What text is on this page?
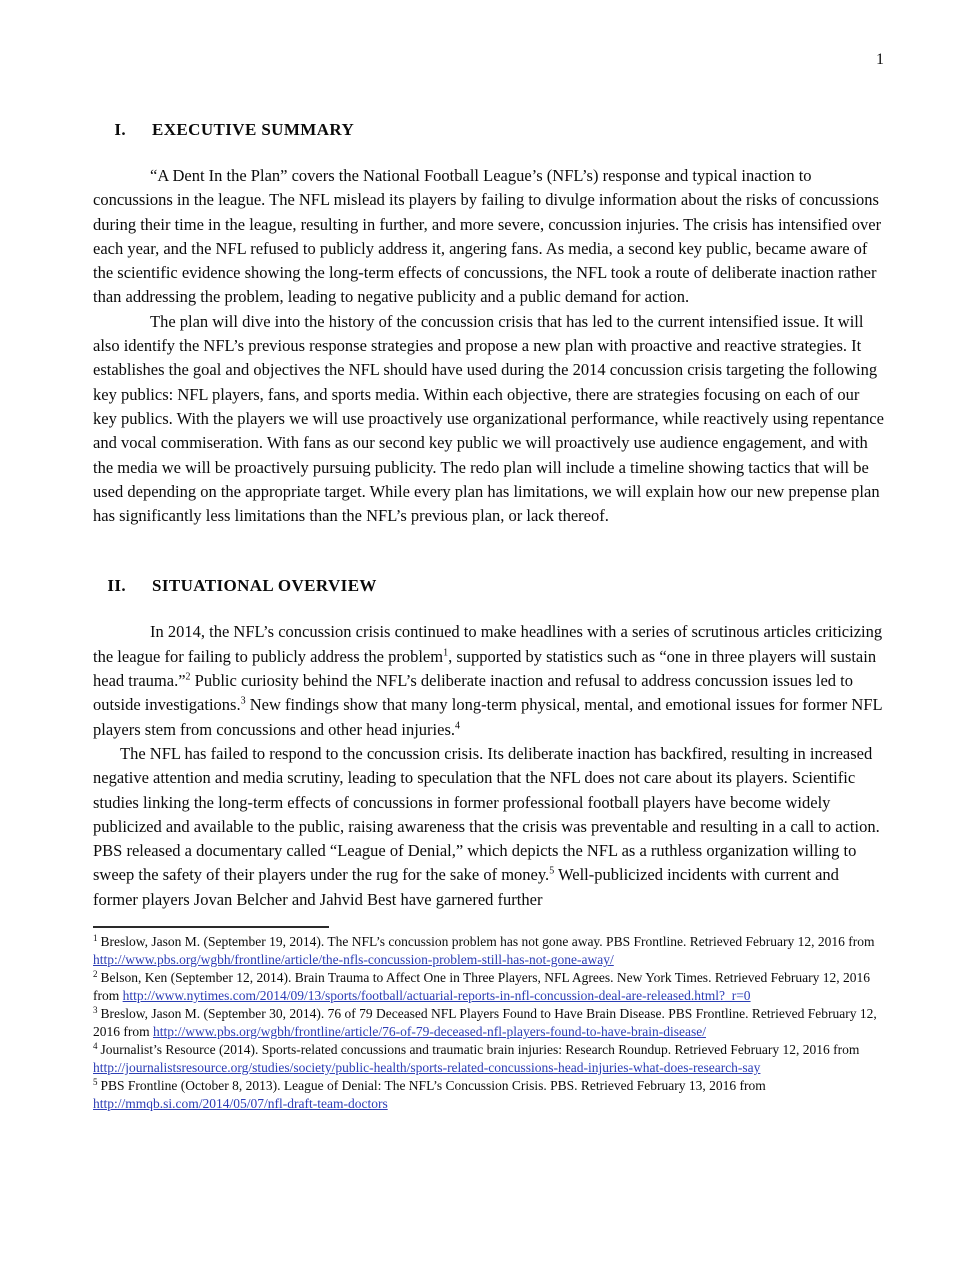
1
I. EXECUTIVE SUMMARY

“A Dent In the Plan” covers the National Football League’s (NFL’s) response and typical inaction to concussions in the league. The NFL mislead its players by failing to divulge information about the risks of concussions during their time in the league, resulting in further, and more severe, concussion injuries. The crisis has intensified over each year, and the NFL refused to publicly address it, angering fans. As media, a second key public, became aware of the scientific evidence showing the long-term effects of concussions, the NFL took a route of deliberate inaction rather than addressing the problem, leading to negative publicity and a public demand for action.

The plan will dive into the history of the concussion crisis that has led to the current intensified issue. It will also identify the NFL’s previous response strategies and propose a new plan with proactive and reactive strategies. It establishes the goal and objectives the NFL should have used during the 2014 concussion crisis targeting the following key publics: NFL players, fans, and sports media. Within each objective, there are strategies focusing on each of our key publics. With the players we will use proactively use organizational performance, while reactively using repentance and vocal commiseration. With fans as our second key public we will proactively use audience engagement, and with the media we will be proactively pursuing publicity. The redo plan will include a timeline showing tactics that will be used depending on the appropriate target. While every plan has limitations, we will explain how our new prepense plan has significantly less limitations than the NFL’s previous plan, or lack thereof.

II. SITUATIONAL OVERVIEW

In 2014, the NFL’s concussion crisis continued to make headlines with a series of scrutinous articles criticizing the league for failing to publicly address the problem$^1$, supported by statistics such as “one in three players will sustain head trauma.”$^2$ Public curiosity behind the NFL’s deliberate inaction and refusal to address concussion issues led to outside investigations.$^3$ New findings show that many long-term physical, mental, and emotional issues for former NFL players stem from concussions and other head injuries.$^4$

The NFL has failed to respond to the concussion crisis. Its deliberate inaction has backfired, resulting in increased negative attention and media scrutiny, leading to speculation that the NFL does not care about its players. Scientific studies linking the long-term effects of concussions in former professional football players have become widely publicized and available to the public, raising awareness that the crisis was preventable and resulting in a call to action. PBS released a documentary called “League of Denial,” which depicts the NFL as a ruthless organization willing to sweep the safety of their players under the rug for the sake of money.$^5$ Well-publicized incidents with current and former players Jovan Belcher and Jahvid Best have garnered further

$^1$ Breslow, Jason M. (September 19, 2014). The NFL’s concussion problem has not gone away. PBS Frontline. Retrieved February 12, 2016 from http://www.pbs.org/wgbh/frontline/article/the-nfls-concussion-problem-still-has-not-gone-away/
$^2$ Belson, Ken (September 12, 2014). Brain Trauma to Affect One in Three Players, NFL Agrees. New York Times. Retrieved February 12, 2016 from http://www.nytimes.com/2014/09/13/sports/football/actuarial-reports-in-nfl-concussion-deal-are-released.html?_r=0
$^3$ Breslow, Jason M. (September 30, 2014). 76 of 79 Deceased NFL Players Found to Have Brain Disease. PBS Frontline. Retrieved February 12, 2016 from http://www.pbs.org/wgbh/frontline/article/76-of-79-deceased-nfl-players-found-to-have-brain-disease/
$^4$ Journalist’s Resource (2014). Sports-related concussions and traumatic brain injuries: Research Roundup. Retrieved February 12, 2016 from http://journalistsresource.org/studies/society/public-health/sports-related-concussions-head-injuries-what-does-research-say
$^5$ PBS Frontline (October 8, 2013). League of Denial: The NFL’s Concussion Crisis. PBS. Retrieved February 13, 2016 from http://mmqb.si.com/2014/05/07/nfl-draft-team-doctors
